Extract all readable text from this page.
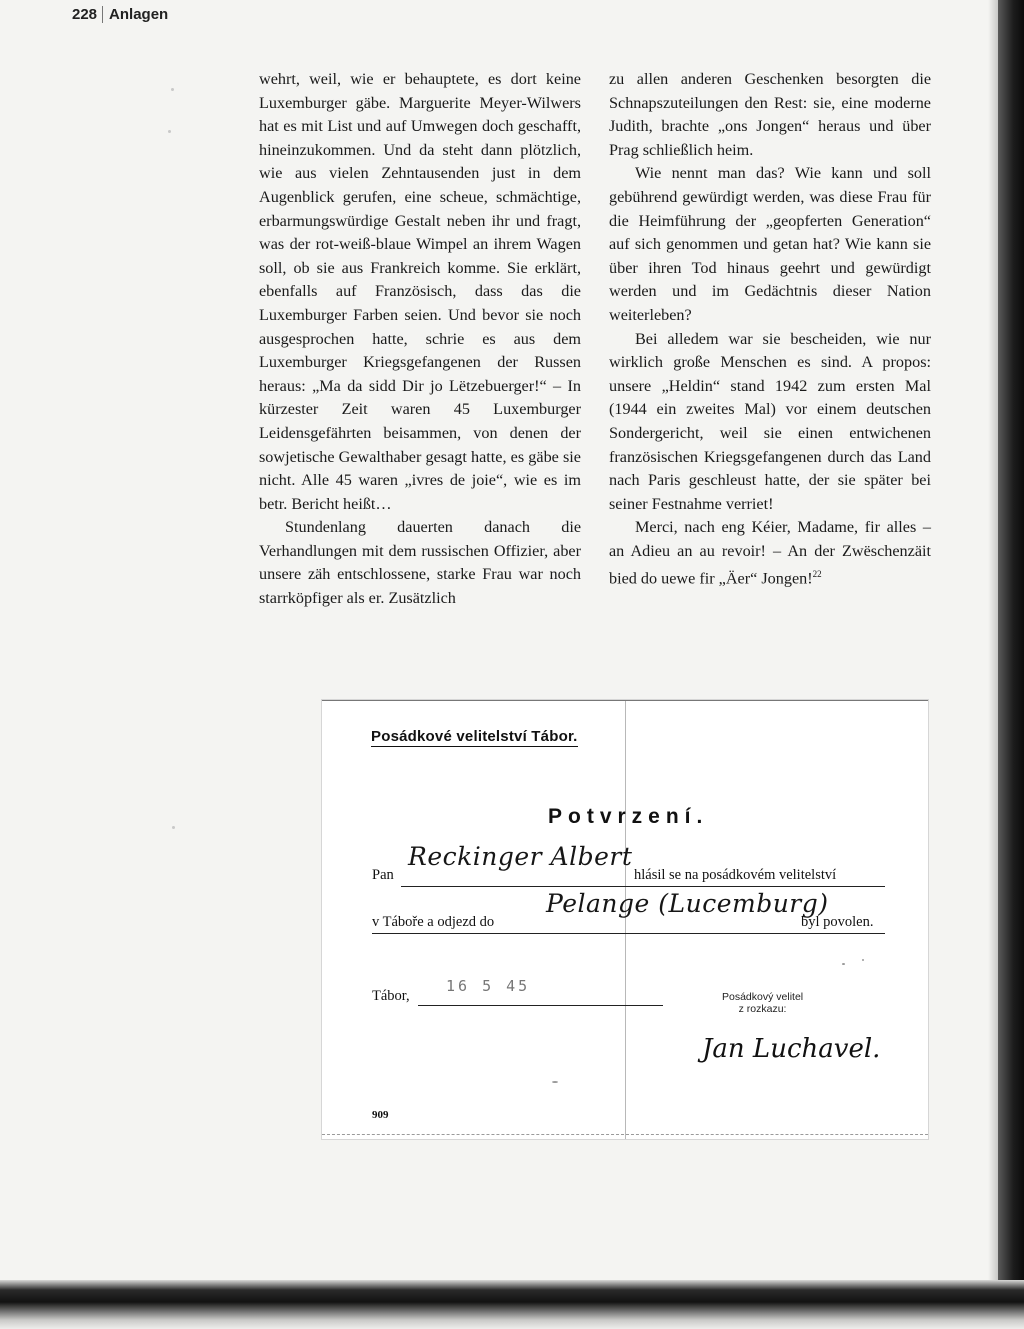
228 Anlagen

wehrt, weil, wie er behauptete, es dort keine Luxemburger gäbe. Marguerite Meyer-Wilwers hat es mit List und auf Umwegen doch geschafft, hineinzukommen. Und da steht dann plötzlich, wie aus vielen Zehntausenden just in dem Augenblick gerufen, eine scheue, schmächtige, erbarmungswürdige Gestalt neben ihr und fragt, was der rot-weiß-blaue Wimpel an ihrem Wagen soll, ob sie aus Frankreich komme. Sie erklärt, ebenfalls auf Französisch, dass das die Luxemburger Farben seien. Und bevor sie noch ausgesprochen hatte, schrie es aus dem Luxemburger Kriegsgefangenen der Russen heraus: „Ma da sidd Dir jo Lëtzebuerger!“ – In kürzester Zeit waren 45 Luxemburger Leidensgefährten beisammen, von denen der sowjetische Gewalthaber gesagt hatte, es gäbe sie nicht. Alle 45 waren „ivres de joie“, wie es im betr. Bericht heißt…

Stundenlang dauerten danach die Verhandlungen mit dem russischen Offizier, aber unsere zäh entschlossene, starke Frau war noch starrköpfiger als er. Zusätzlich

zu allen anderen Geschenken besorgten die Schnapszuteilungen den Rest: sie, eine moderne Judith, brachte „ons Jongen“ heraus und über Prag schließlich heim.

Wie nennt man das? Wie kann und soll gebührend gewürdigt werden, was diese Frau für die Heimführung der „geopferten Generation“ auf sich genommen und getan hat? Wie kann sie über ihren Tod hinaus geehrt und gewürdigt werden und im Gedächtnis dieser Nation weiterleben?

Bei alledem war sie bescheiden, wie nur wirklich große Menschen es sind. A propos: unsere „Heldin“ stand 1942 zum ersten Mal (1944 ein zweites Mal) vor einem deutschen Sondergericht, weil sie einen entwichenen französischen Kriegsgefangenen durch das Land nach Paris geschleust hatte, der sie später bei seiner Festnahme verriet!

Merci, nach eng Kéier, Madame, fir alles – an Adieu an au revoir! – An der Zwëschenzäit bied do uewe fir „Äer“ Jongen!$^{22}$

Posádkové velitelství Tábor.
Potvrzení.
Pan
Reckinger Albert
hlásil se na posádkovém velitelství
v Táboře a odjezd do
Pelange (Lucemburg)
byl povolen.
Tábor,
16 5 45
Posádkový velitel
z rozkazu:
Jan Luchavel.
909
